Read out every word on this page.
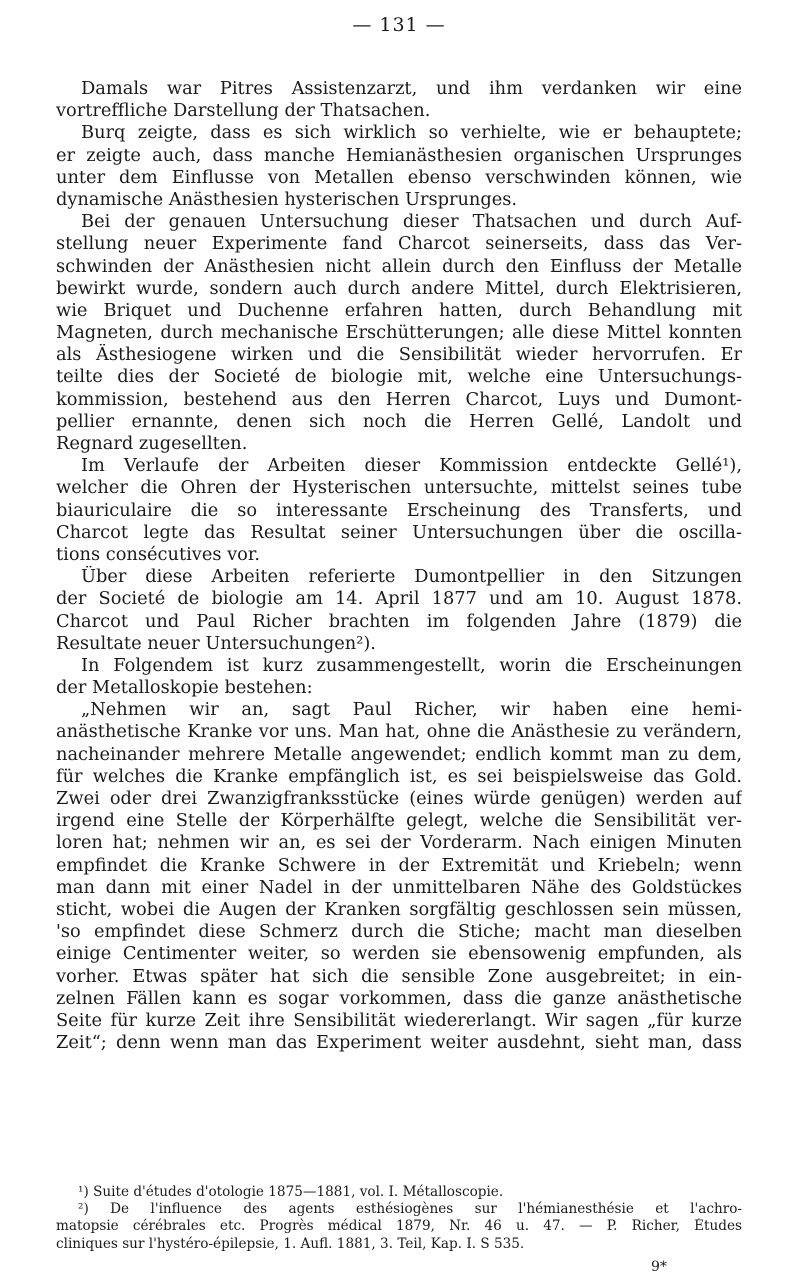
— 131 —
Damals war Pitres Assistenzarzt, und ihm verdanken wir eine
vortreffliche Darstellung der Thatsachen.
Burq zeigte, dass es sich wirklich so verhielte, wie er behauptete;
er zeigte auch, dass manche Hemianästhesien organischen Ursprunges
unter dem Einflusse von Metallen ebenso verschwinden können, wie
dynamische Anästhesien hysterischen Ursprunges.
Bei der genauen Untersuchung dieser Thatsachen und durch Auf-
stellung neuer Experimente fand Charcot seinerseits, dass das Ver-
schwinden der Anästhesien nicht allein durch den Einfluss der Metalle
bewirkt wurde, sondern auch durch andere Mittel, durch Elektrisieren,
wie Briquet und Duchenne erfahren hatten, durch Behandlung mit
Magneten, durch mechanische Erschütterungen; alle diese Mittel konnten
als Ästhesiogene wirken und die Sensibilität wieder hervorrufen. Er
teilte dies der Societé de biologie mit, welche eine Untersuchungs-
kommission, bestehend aus den Herren Charcot, Luys und Dumont-
pellier ernannte, denen sich noch die Herren Gellé, Landolt und
Regnard zugesellten.
Im Verlaufe der Arbeiten dieser Kommission entdeckte Gellé¹),
welcher die Ohren der Hysterischen untersuchte, mittelst seines tube
biauriculaire die so interessante Erscheinung des Transferts, und
Charcot legte das Resultat seiner Untersuchungen über die oscilla-
tions consécutives vor.
Über diese Arbeiten referierte Dumontpellier in den Sitzungen
der Societé de biologie am 14. April 1877 und am 10. August 1878.
Charcot und Paul Richer brachten im folgenden Jahre (1879) die
Resultate neuer Untersuchungen²).
In Folgendem ist kurz zusammengestellt, worin die Erscheinungen
der Metalloskopie bestehen:
„Nehmen wir an, sagt Paul Richer, wir haben eine hemi-
anästhetische Kranke vor uns. Man hat, ohne die Anästhesie zu verändern,
nacheinander mehrere Metalle angewendet; endlich kommt man zu dem,
für welches die Kranke empfänglich ist, es sei beispielsweise das Gold.
Zwei oder drei Zwanzigfranksstücke (eines würde genügen) werden auf
irgend eine Stelle der Körperhälfte gelegt, welche die Sensibilität ver-
loren hat; nehmen wir an, es sei der Vorderarm. Nach einigen Minuten
empfindet die Kranke Schwere in der Extremität und Kriebeln; wenn
man dann mit einer Nadel in der unmittelbaren Nähe des Goldstückes
sticht, wobei die Augen der Kranken sorgfältig geschlossen sein müssen,
'so empfindet diese Schmerz durch die Stiche; macht man dieselben
einige Centimenter weiter, so werden sie ebensowenig empfunden, als
vorher. Etwas später hat sich die sensible Zone ausgebreitet; in ein-
zelnen Fällen kann es sogar vorkommen, dass die ganze anästhetische
Seite für kurze Zeit ihre Sensibilität wiedererlangt. Wir sagen „für kurze
Zeit“; denn wenn man das Experiment weiter ausdehnt, sieht man, dass
¹) Suite d'études d'otologie 1875—1881, vol. I. Métalloscopie.
²) De l'influence des agents esthésiogènes sur l'hémianesthésie et l'achro-
matopsie cérébrales etc. Progrès médical 1879, Nr. 46 u. 47. — P. Richer, Études
cliniques sur l'hystéro-épilepsie, 1. Aufl. 1881, 3. Teil, Kap. I. S 535.
9*
